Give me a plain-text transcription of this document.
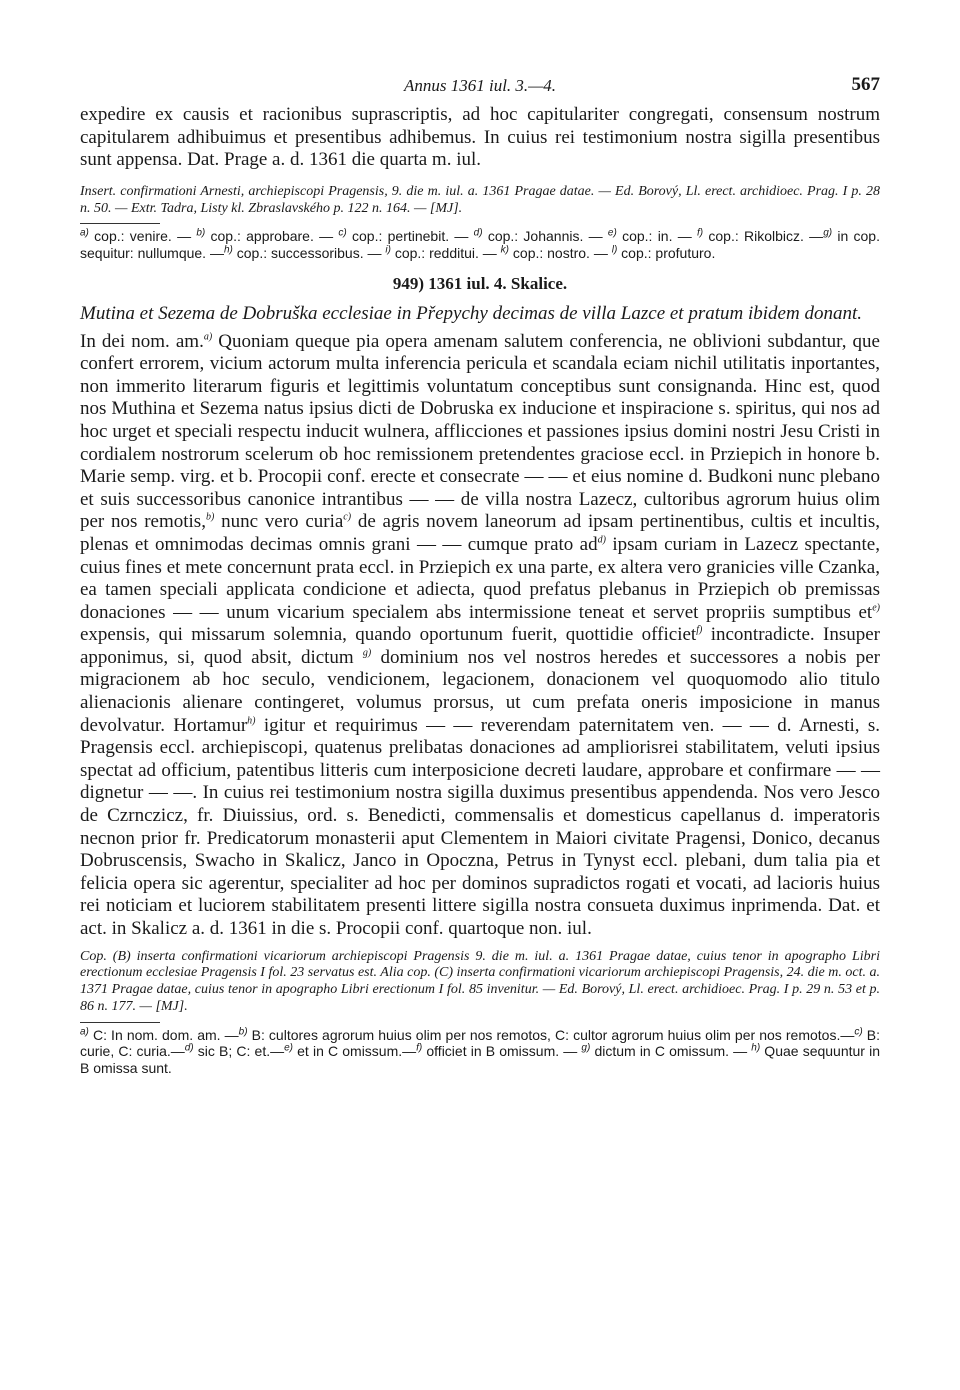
Annus 1361 iul. 3.—4.	567

expedire ex causis et racionibus suprascriptis, ad hoc capitulariter congregati, consensum nostrum capitularem adhibuimus et presentibus adhibemus. In cuius rei testimonium nostra sigilla presentibus sunt appensa. Dat. Prage a. d. 1361 die quarta m. iul.

Insert. confirmationi Arnesti, archiepiscopi Pragensis, 9. die m. iul. a. 1361 Pragae datae. — Ed. Borový, Ll. erect. archidioec. Prag. I p. 28 n. 50. — Extr. Tadra, Listy kl. Zbraslavského p. 122 n. 164. — [MJ].

$^{a)}$ cop.: venire. — $^{b)}$ cop.: approbare. — $^{c)}$ cop.: pertinebit. — $^{d)}$ cop.: Johannis. — $^{e)}$ cop.: in. — $^{f)}$ cop.: Rikolbicz. —$^{g)}$ in cop. sequitur: nullumque. —$^{h)}$ cop.: successoribus. — $^{i)}$ cop.: redditui. — $^{k)}$ cop.: nostro. — $^{l)}$ cop.: profuturo.

949) 1361 iul. 4. Skalice.

Mutina et Sezema de Dobruška ecclesiae in Přepychy decimas de villa Lazce et pratum ibidem donant.

In dei nom. am.$^{a)}$ Quoniam queque pia opera amenam salutem conferencia, ne oblivioni subdantur, que confert errorem, vicium actorum multa inferencia pericula et scandala eciam nichil utilitatis inportantes, non immerito literarum figuris et legittimis voluntatum conceptibus sunt consignanda. Hinc est, quod nos Muthina et Sezema natus ipsius dicti de Dobruska ex inducione et inspiracione s. spiritus, qui nos ad hoc urget et speciali respectu inducit wulnera, afflicciones et passiones ipsius domini nostri Jesu Cristi in cordialem nostrorum scelerum ob hoc remissionem pretendentes graciose eccl. in Prziepich in honore b. Marie semp. virg. et b. Procopii conf. erecte et consecrate — — et eius nomine d. Budkoni nunc plebano et suis successoribus canonice intrantibus — — de villa nostra Lazecz, cultoribus agrorum huius olim per nos remotis,$^{b)}$ nunc vero curia$^{c)}$ de agris novem laneorum ad ipsam pertinentibus, cultis et incultis, plenas et omnimodas decimas omnis grani — — cumque prato $ad^{d)}$ ipsam curiam in Lazecz spectante, cuius fines et mete concernunt prata eccl. in Prziepich ex una parte, ex altera vero granicies ville Czanka, ea tamen speciali applicata condicione et adiecta, quod prefatus plebanus in Prziepich ob premissas donaciones — — unum vicarium specialem abs intermissione teneat et servet propriis sumptibus $et^{e)}$ expensis, qui missarum solemnia, quando oportunum fuerit, quottidie officiet$^{f)}$ incontradicte. Insuper apponimus, si, quod absit, dictum $^{g)}$ dominium nos vel nostros heredes et successores a nobis per migracionem ab hoc seculo, vendicionem, legacionem, donacionem vel quoquomodo alio titulo alienacionis alienare contingeret, volumus prorsus, ut cum prefata oneris imposicione in manus devolvatur. Hortamur$^{h)}$ igitur et requirimus — — reverendam paternitatem ven. — — d. Arnesti, s. Pragensis eccl. archiepiscopi, quatenus prelibatas donaciones ad ampliorisrei stabilitatem, veluti ipsius spectat ad officium, patentibus litteris cum interposicione decreti laudare, approbare et confirmare — — dignetur — —. In cuius rei testimonium nostra sigilla duximus presentibus appendenda. Nos vero Jesco de Czrnczicz, fr. Diuissius, ord. s. Benedicti, commensalis et domesticus capellanus d. imperatoris necnon prior fr. Predicatorum monasterii aput Clementem in Maiori civitate Pragensi, Donico, decanus Dobruscensis, Swacho in Skalicz, Janco in Opoczna, Petrus in Tynyst eccl. plebani, dum talia pia et felicia opera sic agerentur, specialiter ad hoc per dominos supradictos rogati et vocati, ad lacioris huius rei noticiam et luciorem stabilitatem presenti littere sigilla nostra consueta duximus inprimenda. Dat. et act. in Skalicz a. d. 1361 in die s. Procopii conf. quartoque non. iul.

Cop. (B) inserta confirmationi vicariorum archiepiscopi Pragensis 9. die m. iul. a. 1361 Pragae datae, cuius tenor in apographo Libri erectionum ecclesiae Pragensis I fol. 23 servatus est. Alia cop. (C) inserta confirmationi vicariorum archiepiscopi Pragensis, 24. die m. oct. a. 1371 Pragae datae, cuius tenor in apographo Libri erectionum I fol. 85 invenitur. — Ed. Borový, Ll. erect. archidioec. Prag. I p. 29 n. 53 et p. 86 n. 177. — [MJ].

$^{a)}$ C: In nom. dom. am. —$^{b)}$ B: cultores agrorum huius olim per nos remotos, C: cultor agrorum huius olim per nos remotos.—$^{c)}$ B: curie, C: curia.—$^{d)}$ sic B; C: et.—$^{e)}$ et in C omissum.—$^{f)}$ officiet in B omissum. — $^{g)}$ dictum in C omissum. — $^{h)}$ Quae sequuntur in B omissa sunt.
